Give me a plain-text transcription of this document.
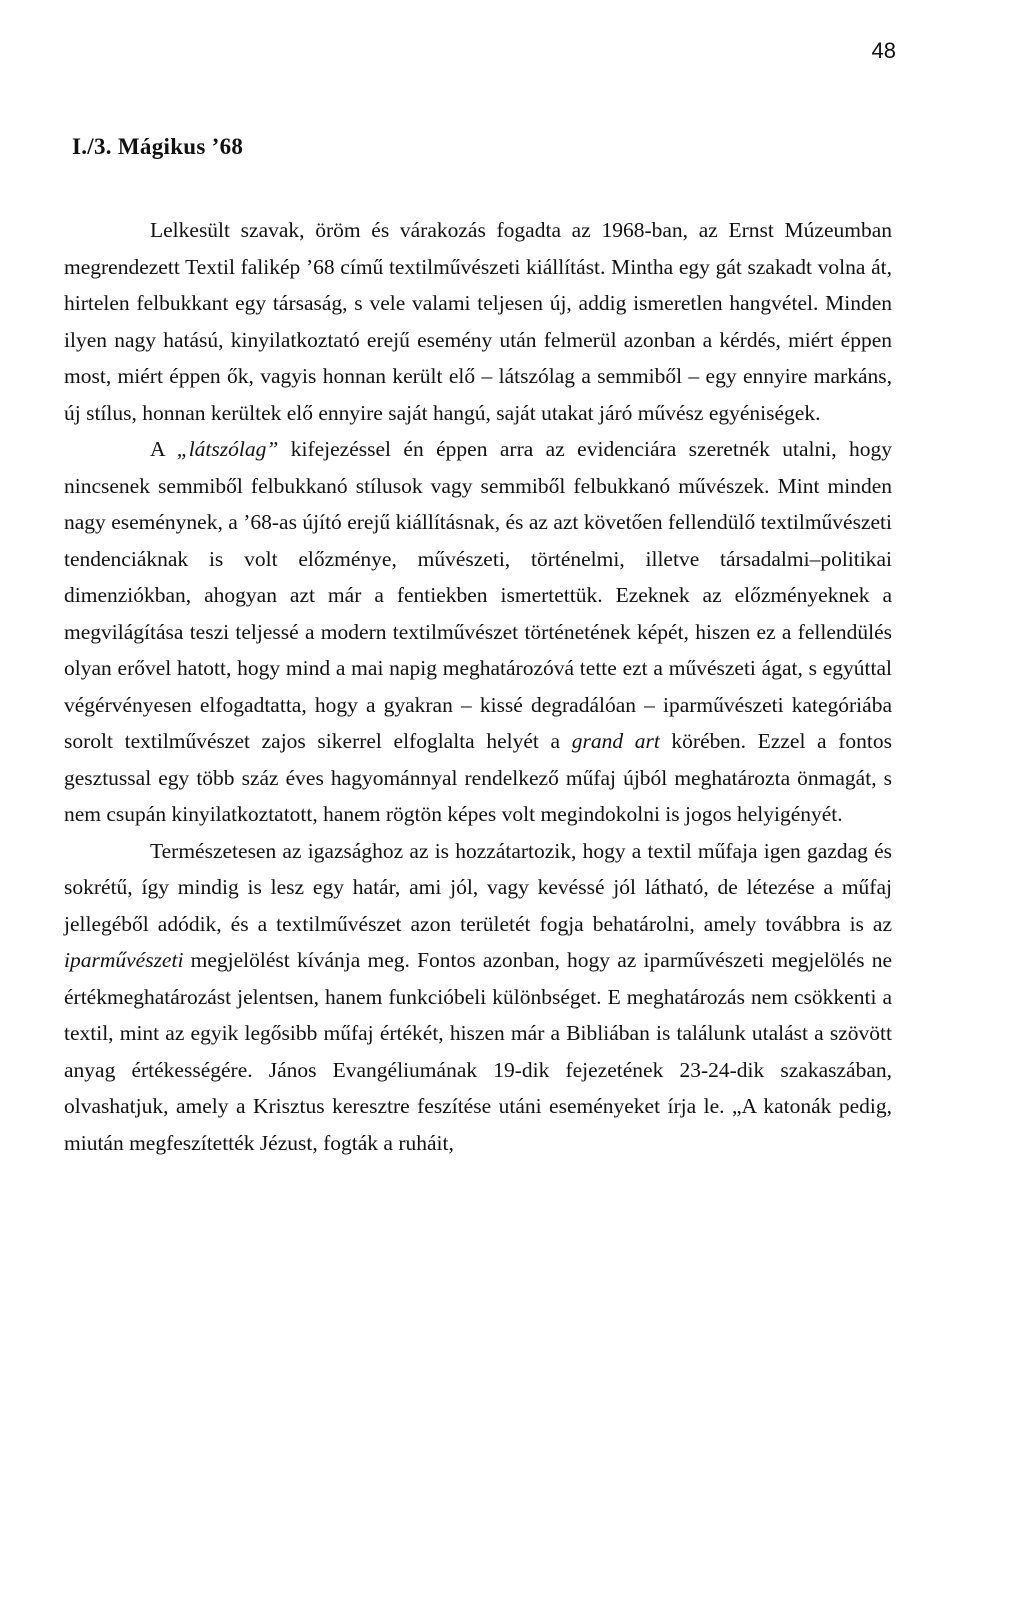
48
I./3. Mágikus ’68

Lelkesült szavak, öröm és várakozás fogadta az 1968-ban, az Ernst Múzeumban megrendezett Textil falikép ’68 című textilművészeti kiállítást. Mintha egy gát szakadt volna át, hirtelen felbukkant egy társaság, s vele valami teljesen új, addig ismeretlen hangvétel. Minden ilyen nagy hatású, kinyilatkoztató erejű esemény után felmerül azonban a kérdés, miért éppen most, miért éppen ők, vagyis honnan került elő – látszólag a semmiből – egy ennyire markáns, új stílus, honnan kerültek elő ennyire saját hangú, saját utakat járó művész egyéniségek.

A „látszólag” kifejezéssel én éppen arra az evidenciára szeretnék utalni, hogy nincsenek semmiből felbukkanó stílusok vagy semmiből felbukkanó művészek. Mint minden nagy eseménynek, a ’68-as újító erejű kiállításnak, és az azt követően fellendülő textilművészeti tendenciáknak is volt előzménye, művészeti, történelmi, illetve társadalmi–politikai dimenziókban, ahogyan azt már a fentiekben ismertettük. Ezeknek az előzményeknek a megvilágítása teszi teljessé a modern textilművészet történetének képét, hiszen ez a fellendülés olyan erővel hatott, hogy mind a mai napig meghatározóvá tette ezt a művészeti ágat, s egyúttal végérvényesen elfogadtatta, hogy a gyakran – kissé degradálóan – iparművészeti kategóriába sorolt textilművészet zajos sikerrel elfoglalta helyét a grand art körében. Ezzel a fontos gesztussal egy több száz éves hagyománnyal rendelkező műfaj újból meghatározta önmagát, s nem csupán kinyilatkoztatott, hanem rögtön képes volt megindokolni is jogos helyigényét.

Természetesen az igazsághoz az is hozzátartozik, hogy a textil műfaja igen gazdag és sokrétű, így mindig is lesz egy határ, ami jól, vagy kevéssé jól látható, de létezése a műfaj jellegéből adódik, és a textilművészet azon területét fogja behatárolni, amely továbbra is az iparművészeti megjelölést kívánja meg. Fontos azonban, hogy az iparművészeti megjelölés ne értékmeghatározást jelentsen, hanem funkcióbeli különbséget. E meghatározás nem csökkenti a textil, mint az egyik legősibb műfaj értékét, hiszen már a Bibliában is találunk utalást a szövött anyag értékességére. János Evangéliumának 19-dik fejezetének 23-24-dik szakaszában, olvashatjuk, amely a Krisztus keresztre feszítése utáni eseményeket írja le. „A katonák pedig, miután megfeszítették Jézust, fogták a ruháit,
